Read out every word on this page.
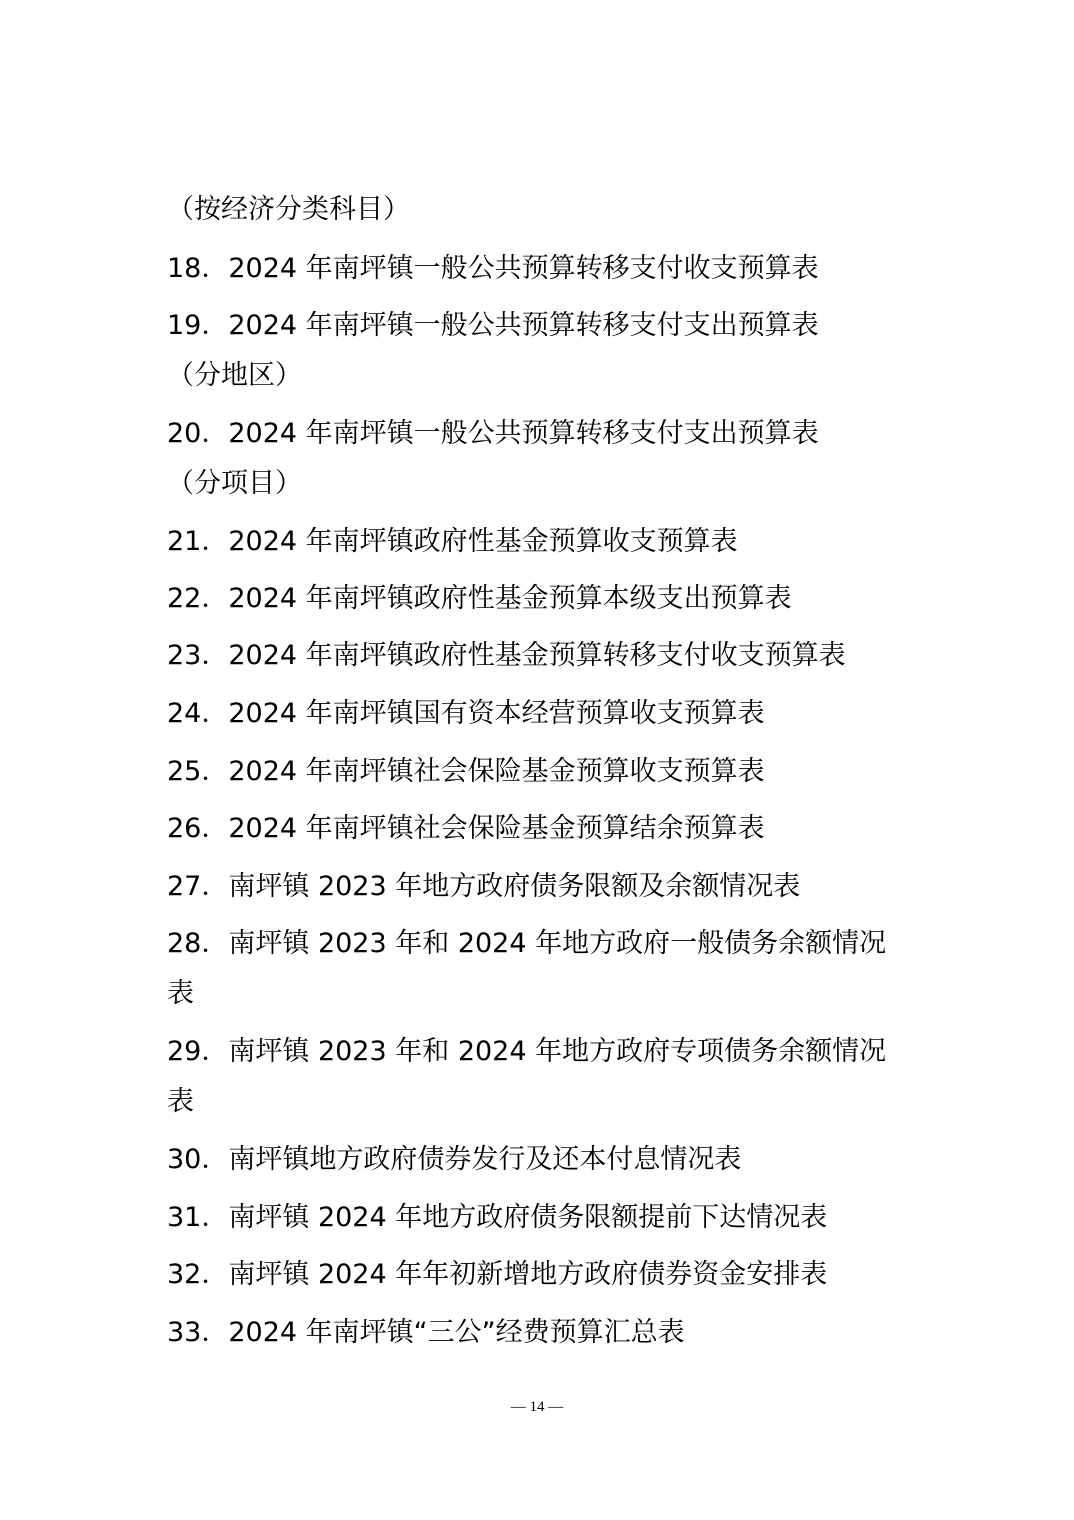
（按经济分类科目）
18．2024 年南坪镇一般公共预算转移支付收支预算表
19．2024 年南坪镇一般公共预算转移支付支出预算表
（分地区）
20．2024 年南坪镇一般公共预算转移支付支出预算表
（分项目）
21．2024 年南坪镇政府性基金预算收支预算表
22．2024 年南坪镇政府性基金预算本级支出预算表
23．2024 年南坪镇政府性基金预算转移支付收支预算表
24．2024 年南坪镇国有资本经营预算收支预算表
25．2024 年南坪镇社会保险基金预算收支预算表
26．2024 年南坪镇社会保险基金预算结余预算表
27．南坪镇 2023 年地方政府债务限额及余额情况表
28．南坪镇 2023 年和 2024 年地方政府一般债务余额情况
表
29．南坪镇 2023 年和 2024 年地方政府专项债务余额情况
表
30．南坪镇地方政府债券发行及还本付息情况表
31．南坪镇 2024 年地方政府债务限额提前下达情况表
32．南坪镇 2024 年年初新增地方政府债券资金安排表
33．2024 年南坪镇“三公”经费预算汇总表
— 14 —
